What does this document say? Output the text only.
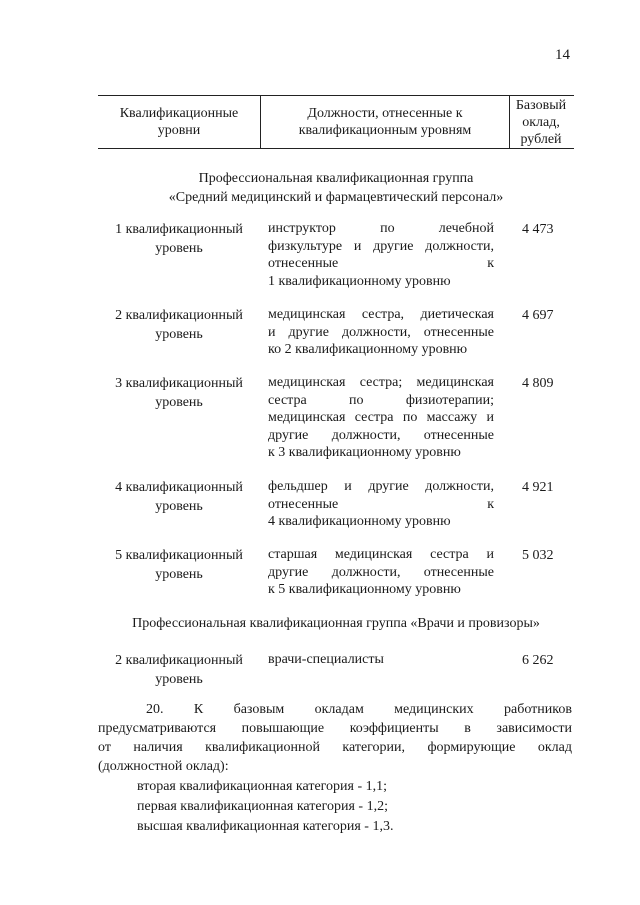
14
Квалификационные
уровни
Должности, отнесенные к
квалификационным уровням
Базовый
оклад,
рублей
Профессиональная квалификационная группа
«Средний медицинский и фармацевтический персонал»
1 квалификационный
уровень
инструктор по лечебной
физкультуре и другие должности,
отнесенные к
1 квалификационному уровню
4 473
2 квалификационный
уровень
медицинская сестра, диетическая
и другие должности, отнесенные
ко 2 квалификационному уровню
4 697
3 квалификационный
уровень
медицинская сестра; медицинская
сестра по физиотерапии;
медицинская сестра по массажу и
другие должности, отнесенные
к 3 квалификационному уровню
4 809
4 квалификационный
уровень
фельдшер и другие должности,
отнесенные к
4 квалификационному уровню
4 921
5 квалификационный
уровень
старшая медицинская сестра и
другие должности, отнесенные
к 5 квалификационному уровню
5 032
Профессиональная квалификационная группа «Врачи и провизоры»
2 квалификационный
уровень
врачи-специалисты	6 262
20. К базовым окладам медицинских работников
предусматриваются повышающие коэффициенты в зависимости
от наличия квалификационной категории, формирующие оклад
(должностной оклад):
вторая квалификационная категория - 1,1;
первая квалификационная категория - 1,2;
высшая квалификационная категория - 1,3.
